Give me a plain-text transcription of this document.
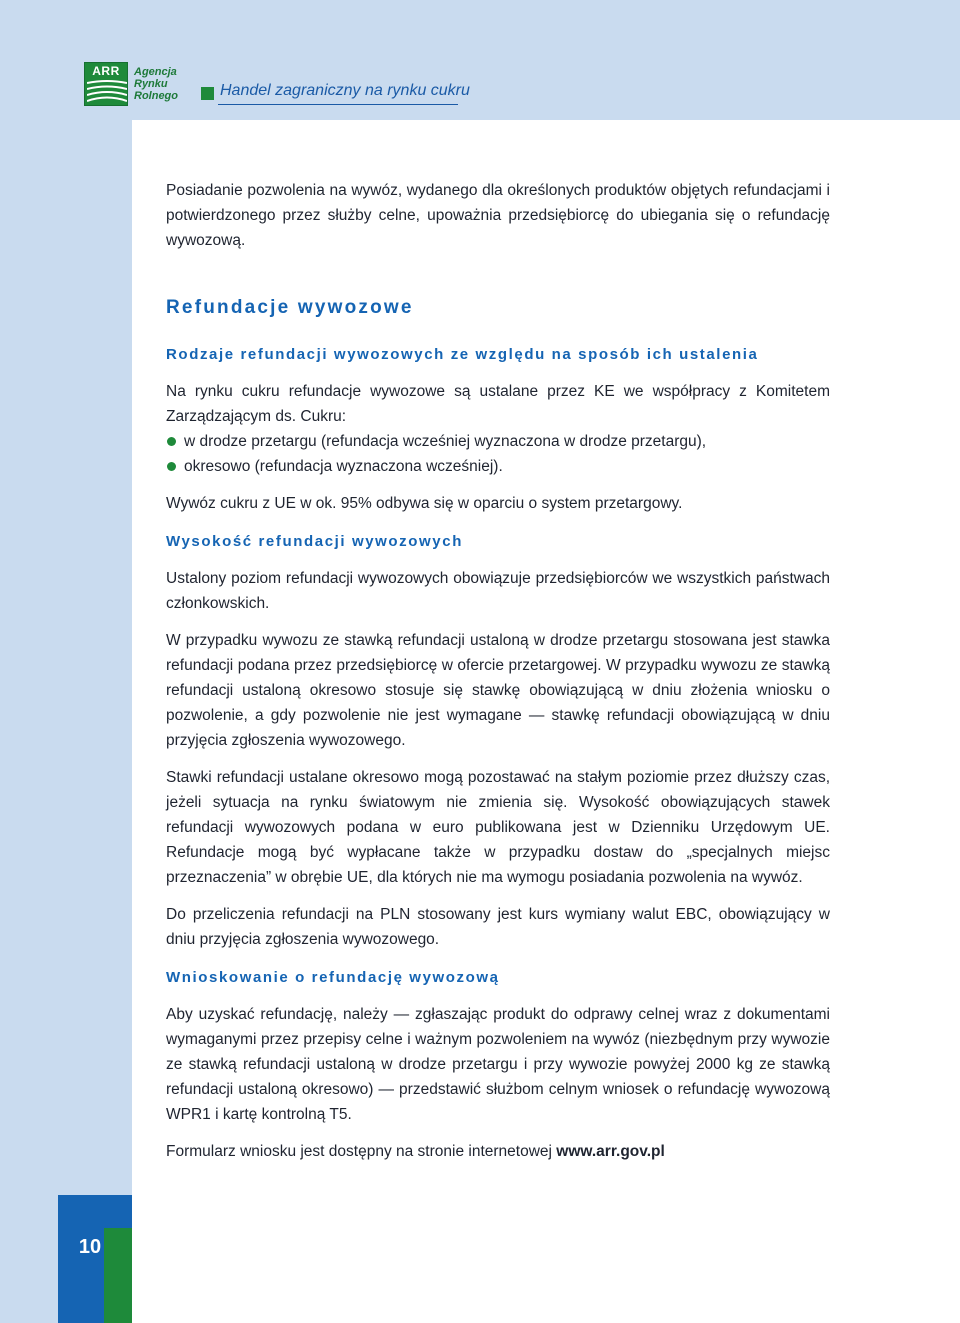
ARR	Agencja
Rynku
Rolnego	Handel zagraniczny na rynku cukru

Posiadanie pozwolenia na wywóz, wydanego dla określonych produktów objętych refundacjami i potwierdzonego przez służby celne, upoważnia przedsiębiorcę do ubiegania się o refundację wywozową.

Refundacje wywozowe
Rodzaje refundacji wywozowych ze względu na sposób ich ustalenia

Na rynku cukru refundacje wywozowe są ustalane przez KE we współpracy z Komitetem Zarządzającym ds. Cukru:

w drodze przetargu (refundacja wcześniej wyznaczona w drodze przetargu),
okresowo (refundacja wyznaczona wcześniej).

Wywóz cukru z UE w ok. 95% odbywa się w oparciu o system przetargowy.

Wysokość refundacji wywozowych

Ustalony poziom refundacji wywozowych obowiązuje przedsiębiorców we wszystkich państwach członkowskich.

W przypadku wywozu ze stawką refundacji ustaloną w drodze przetargu stosowana jest stawka refundacji podana przez przedsiębiorcę w ofercie przetargowej. W przypadku wywozu ze stawką refundacji ustaloną okresowo stosuje się stawkę obowiązującą w dniu złożenia wniosku o pozwolenie, a gdy pozwolenie nie jest wymagane — stawkę refundacji obowiązującą w dniu przyjęcia zgłoszenia wywozowego.

Stawki refundacji ustalane okresowo mogą pozostawać na stałym poziomie przez dłuższy czas, jeżeli sytuacja na rynku światowym nie zmienia się. Wysokość obowiązujących stawek refundacji wywozowych podana w euro publikowana jest w Dzienniku Urzędowym UE. Refundacje mogą być wypłacane także w przypadku dostaw do „specjalnych miejsc przeznaczenia” w obrębie UE, dla których nie ma wymogu posiadania pozwolenia na wywóz.

Do przeliczenia refundacji na PLN stosowany jest kurs wymiany walut EBC, obowiązujący w dniu przyjęcia zgłoszenia wywozowego.

Wnioskowanie o refundację wywozową

Aby uzyskać refundację, należy — zgłaszając produkt do odprawy celnej wraz z dokumentami wymaganymi przez przepisy celne i ważnym pozwoleniem na wywóz (niezbędnym przy wywozie ze stawką refundacji ustaloną w drodze przetargu i przy wywozie powyżej 2000 kg ze stawką refundacji ustaloną okresowo) — przedstawić służbom celnym wniosek o refundację wywozową WPR1 i kartę kontrolną T5.

Formularz wniosku jest dostępny na stronie internetowej www.arr.gov.pl

10
